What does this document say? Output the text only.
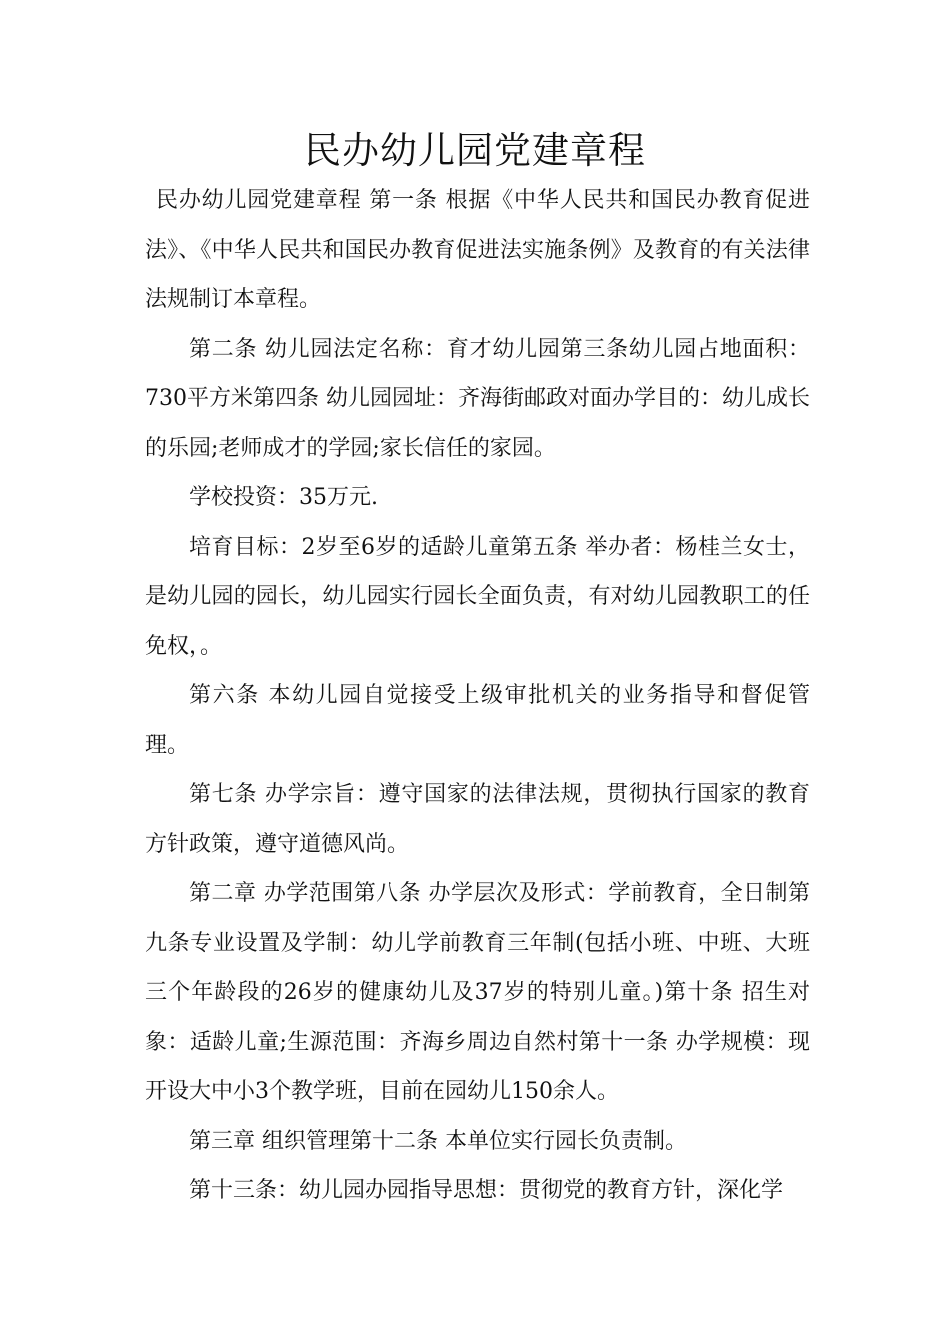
民办幼儿园党建章程

民办幼儿园党建章程 第一条 根据《中华人民共和国民办教育促进法》、《中华人民共和国民办教育促进法实施条例》及教育的有关法律法规制订本章程。

第二条 幼儿园法定名称：育才幼儿园第三条幼儿园占地面积：730平方米第四条 幼儿园园址：齐海街邮政对面办学目的：幼儿成长的乐园;老师成才的学园;家长信任的家园。

学校投资：35万元.

培育目标：2岁至6岁的适龄儿童第五条 举办者：杨桂兰女士，是幼儿园的园长，幼儿园实行园长全面负责，有对幼儿园教职工的任免权，。

第六条 本幼儿园自觉接受上级审批机关的业务指导和督促管理。

第七条 办学宗旨：遵守国家的法律法规，贯彻执行国家的教育方针政策，遵守道德风尚。

第二章 办学范围第八条 办学层次及形式：学前教育，全日制第九条专业设置及学制：幼儿学前教育三年制(包括小班、中班、大班三个年龄段的26岁的健康幼儿及37岁的特别儿童。)第十条 招生对象：适龄儿童;生源范围：齐海乡周边自然村第十一条 办学规模：现开设大中小3个教学班，目前在园幼儿150余人。

第三章 组织管理第十二条 本单位实行园长负责制。

第十三条：幼儿园办园指导思想：贯彻党的教育方针，深化学
